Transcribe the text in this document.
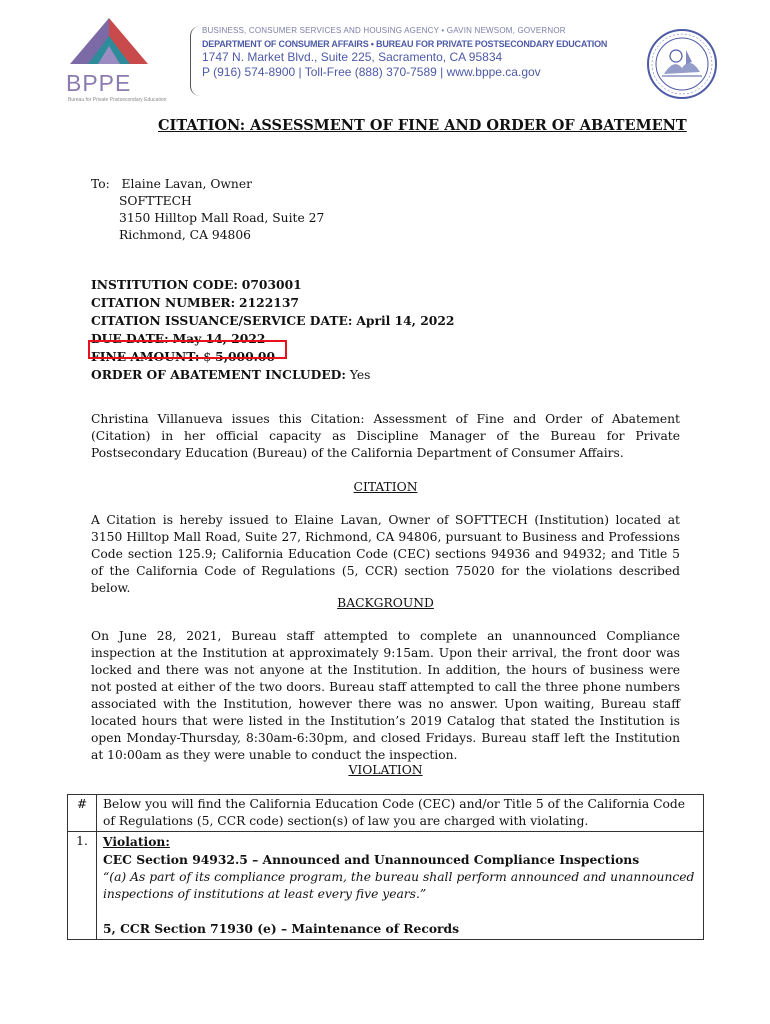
BPPE
Bureau for Private Postsecondary Education
BUSINESS, CONSUMER SERVICES AND HOUSING AGENCY • GAVIN NEWSOM, GOVERNOR
DEPARTMENT OF CONSUMER AFFAIRS • BUREAU FOR PRIVATE POSTSECONDARY EDUCATION
1747 N. Market Blvd., Suite 225, Sacramento, CA 95834
P (916) 574-8900 | Toll-Free (888) 370-7589 | www.bppe.ca.gov
CITATION: ASSESSMENT OF FINE AND ORDER OF ABATEMENT
To: Elaine Lavan, Owner
SOFTTECH
3150 Hilltop Mall Road, Suite 27
Richmond, CA 94806
INSTITUTION CODE: 0703001
CITATION NUMBER: 2122137
CITATION ISSUANCE/SERVICE DATE: April 14, 2022
DUE DATE: May 14, 2022
FINE AMOUNT: $ 5,000.00
ORDER OF ABATEMENT INCLUDED: Yes
Christina Villanueva issues this Citation: Assessment of Fine and Order of Abatement (Citation) in her official capacity as Discipline Manager of the Bureau for Private Postsecondary Education (Bureau) of the California Department of Consumer Affairs.
CITATION
A Citation is hereby issued to Elaine Lavan, Owner of SOFTTECH (Institution) located at 3150 Hilltop Mall Road, Suite 27, Richmond, CA 94806, pursuant to Business and Professions Code section 125.9; California Education Code (CEC) sections 94936 and 94932; and Title 5 of the California Code of Regulations (5, CCR) section 75020 for the violations described below.
BACKGROUND
On June 28, 2021, Bureau staff attempted to complete an unannounced Compliance inspection at the Institution at approximately 9:15am. Upon their arrival, the front door was locked and there was not anyone at the Institution. In addition, the hours of business were not posted at either of the two doors. Bureau staff attempted to call the three phone numbers associated with the Institution, however there was no answer. Upon waiting, Bureau staff located hours that were listed in the Institution’s 2019 Catalog that stated the Institution is open Monday-Thursday, 8:30am-6:30pm, and closed Fridays. Bureau staff left the Institution at 10:00am as they were unable to conduct the inspection.
VIOLATION
#	Below you will find the California Education Code (CEC) and/or Title 5 of the California Code of Regulations (5, CCR code) section(s) of law you are charged with violating.
1.	Violation:
CEC Section 94932.5 – Announced and Unannounced Compliance Inspections
“(a) As part of its compliance program, the bureau shall perform announced and unannounced inspections of institutions at least every five years.”
5, CCR Section 71930 (e) – Maintenance of Records
